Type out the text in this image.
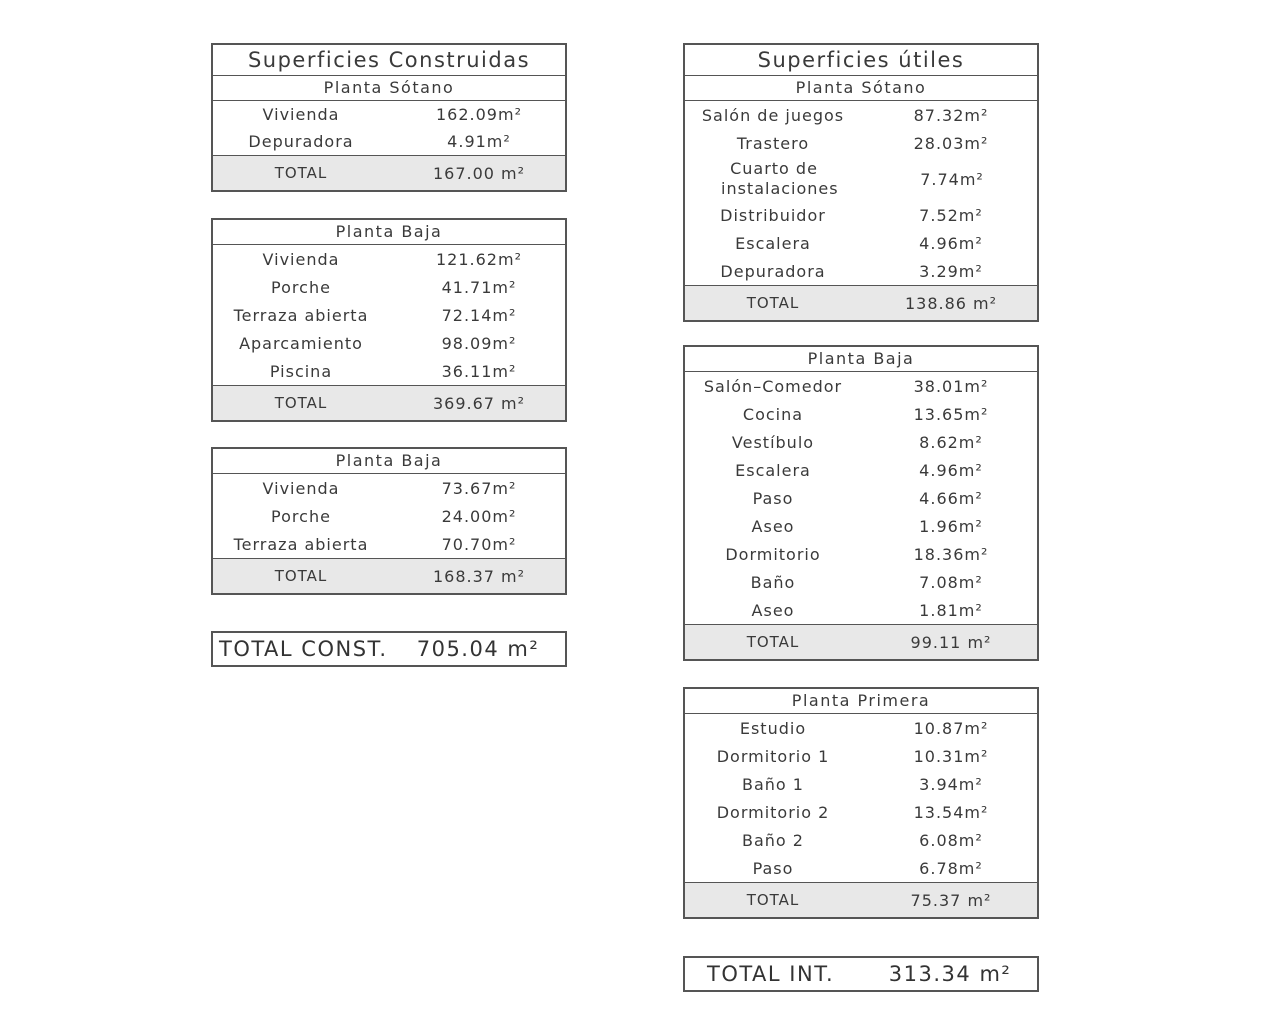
Superficies Construidas
Planta Sótano
Vivienda	162.09m²
Depuradora	4.91m²
TOTAL	167.00 m²
Planta Baja
Vivienda	121.62m²
Porche	41.71m²
Terraza abierta	72.14m²
Aparcamiento	98.09m²
Piscina	36.11m²
TOTAL	369.67 m²
Planta Baja
Vivienda	73.67m²
Porche	24.00m²
Terraza abierta	70.70m²
TOTAL	168.37 m²
TOTAL CONST.	705.04 m²
Superficies útiles
Planta Sótano
Salón de juegos	87.32m²
Trastero	28.03m²
Cuarto de instalaciones	7.74m²
Distribuidor	7.52m²
Escalera	4.96m²
Depuradora	3.29m²
TOTAL	138.86 m²
Planta Baja
Salón–Comedor	38.01m²
Cocina	13.65m²
Vestíbulo	8.62m²
Escalera	4.96m²
Paso	4.66m²
Aseo	1.96m²
Dormitorio	18.36m²
Baño	7.08m²
Aseo	1.81m²
TOTAL	99.11 m²
Planta Primera
Estudio	10.87m²
Dormitorio 1	10.31m²
Baño 1	3.94m²
Dormitorio 2	13.54m²
Baño 2	6.08m²
Paso	6.78m²
TOTAL	75.37 m²
TOTAL INT.	313.34 m²
